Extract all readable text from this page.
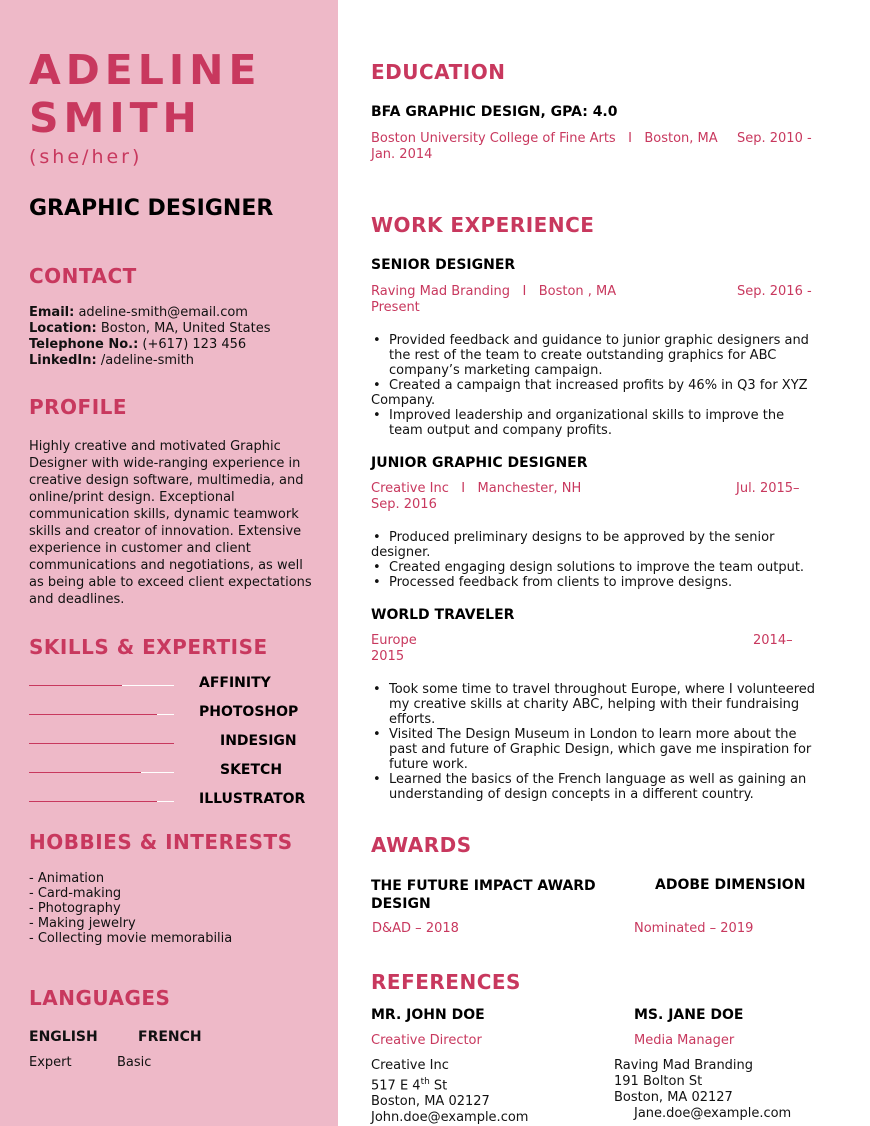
ADELINE
SMITH
(she/her)
GRAPHIC DESIGNER
CONTACT
Email: adeline-smith@email.com
Location: Boston, MA, United States
Telephone No.: (+617) 123 456
LinkedIn: /adeline-smith
PROFILE
Highly creative and motivated Graphic Designer with wide-ranging experience in creative design software, multimedia, and online/print design. Exceptional communication skills, dynamic teamwork skills and creator of innovation. Extensive experience in customer and client communications and negotiations, as well as being able to exceed client expectations and deadlines.
SKILLS & EXPERTISE
AFFINITY
PHOTOSHOP
INDESIGN
SKETCH
ILLUSTRATOR
HOBBIES & INTERESTS
- Animation
- Card-making
- Photography
- Making jewelry
- Collecting movie memorabilia
LANGUAGES
ENGLISH	FRENCH
Expert	Basic
EDUCATION
BFA GRAPHIC DESIGN, GPA: 4.0
Boston University College of Fine Arts I Boston, MA Sep. 2010 -
Jan. 2014
WORK EXPERIENCE
SENIOR DESIGNER
Raving Mad Branding I Boston , MA	Sep. 2016 -
Present
• Provided feedback and guidance to junior graphic designers and the rest of the team to create outstanding graphics for ABC company’s marketing campaign.
• Created a campaign that increased profits by 46% in Q3 for XYZ Company.
• Improved leadership and organizational skills to improve the team output and company profits.
JUNIOR GRAPHIC DESIGNER
Creative Inc I Manchester, NH	Jul. 2015–
Sep. 2016
• Produced preliminary designs to be approved by the senior designer.
• Created engaging design solutions to improve the team output.
• Processed feedback from clients to improve designs.
WORLD TRAVELER
Europe	2014–
2015
• Took some time to travel throughout Europe, where I volunteered my creative skills at charity ABC, helping with their fundraising efforts.
• Visited The Design Museum in London to learn more about the past and future of Graphic Design, which gave me inspiration for future work.
• Learned the basics of the French language as well as gaining an understanding of design concepts in a different country.
AWARDS
THE FUTURE IMPACT AWARD
DESIGN
ADOBE DIMENSION
D&AD – 2018	Nominated – 2019
REFERENCES
MR. JOHN DOE
Creative Director
Creative Inc
517 E 4th St
Boston, MA 02127
John.doe@example.com
MS. JANE DOE
Media Manager
Raving Mad Branding
191 Bolton St
Boston, MA 02127
Jane.doe@example.com
